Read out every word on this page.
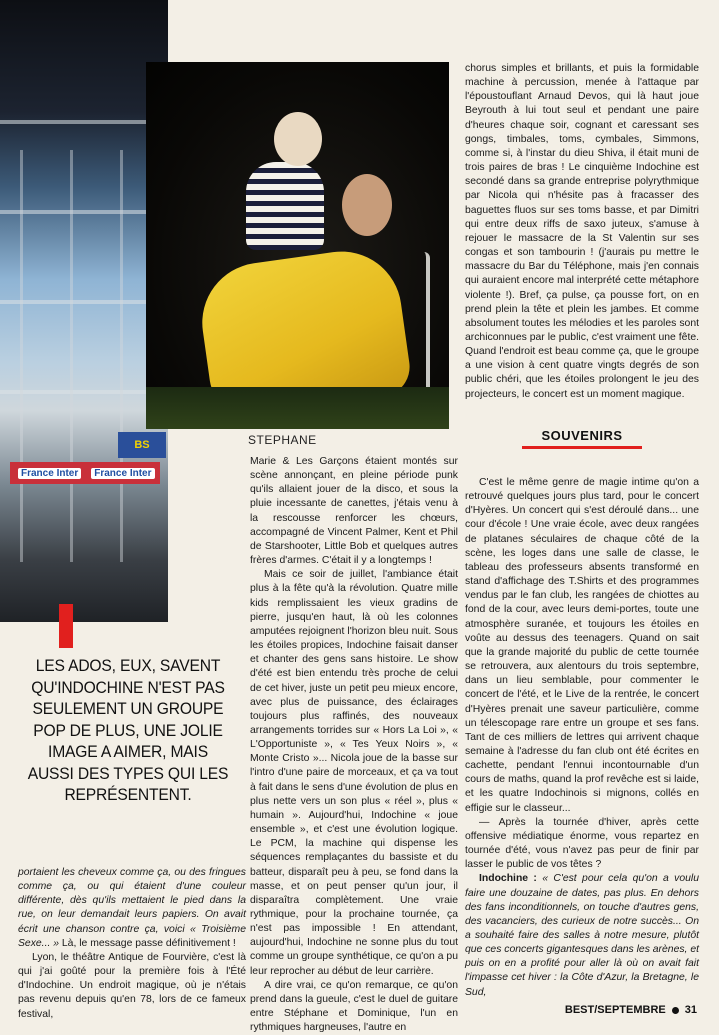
BS
France Inter	France Inter
STEPHANE
LES ADOS, EUX, SAVENT QU'INDOCHINE N'EST PAS SEULEMENT UN GROUPE POP DE PLUS, UNE JOLIE IMAGE A AIMER, MAIS AUSSI DES TYPES QUI LES REPRÉSENTENT.

portaient les cheveux comme ça, ou des fringues comme ça, ou qui étaient d'une couleur différente, dès qu'ils mettaient le pied dans la rue, on leur demandait leurs papiers. On avait écrit une chanson contre ça, voici « Troisième Sexe... » Là, le message passe définitivement !

Lyon, le théâtre Antique de Fourvière, c'est là qui j'ai goûté pour la première fois à l'Été d'Indochine. Un endroit magique, où je n'étais pas revenu depuis qu'en 78, lors de ce fameux festival,

Marie & Les Garçons étaient montés sur scène annonçant, en pleine période punk qu'ils allaient jouer de la disco, et sous la pluie incessante de canettes, j'étais venu à la rescousse renforcer les chœurs, accompagné de Vincent Palmer, Kent et Phil de Starshooter, Little Bob et quelques autres frères d'armes. C'était il y a longtemps !

Mais ce soir de juillet, l'ambiance était plus à la fête qu'à la révolution. Quatre mille kids remplissaient les vieux gradins de pierre, jusqu'en haut, là où les colonnes amputées rejoignent l'horizon bleu nuit. Sous les étoiles propices, Indochine faisait danser et chanter des gens sans histoire. Le show d'été est bien entendu très proche de celui de cet hiver, juste un petit peu mieux encore, avec plus de puissance, des éclairages toujours plus raffinés, des nouveaux arrangements torrides sur « Hors La Loi », « L'Opportuniste », « Tes Yeux Noirs », « Monte Cristo »... Nicola joue de la basse sur l'intro d'une paire de morceaux, et ça va tout à fait dans le sens d'une évolution de plus en plus nette vers un son plus « réel », plus « humain ». Aujourd'hui, Indochine « joue ensemble », et c'est une évolution logique. Le PCM, la machine qui dispense les séquences remplaçantes du bassiste et du batteur, disparaît peu à peu, se fond dans la masse, et on peut penser qu'un jour, il disparaîtra complètement. Une vraie rythmique, pour la prochaine tournée, ça n'est pas impossible ! En attendant, aujourd'hui, Indochine ne sonne plus du tout comme un groupe synthétique, ce qu'on a pu leur reprocher au début de leur carrière.

A dire vrai, ce qu'on remarque, ce qu'on prend dans la gueule, c'est le duel de guitare entre Stéphane et Dominique, l'un en rythmiques hargneuses, l'autre en

chorus simples et brillants, et puis la formidable machine à percussion, menée à l'attaque par l'époustouflant Arnaud Devos, qui là haut joue Beyrouth à lui tout seul et pendant une paire d'heures chaque soir, cognant et caressant ses gongs, timbales, toms, cymbales, Simmons, comme si, à l'instar du dieu Shiva, il était muni de trois paires de bras ! Le cinquième Indochine est secondé dans sa grande entreprise polyrythmique par Nicola qui n'hésite pas à fracasser des baguettes fluos sur ses toms basse, et par Dimitri qui entre deux riffs de saxo juteux, s'amuse à rejouer le massacre de la St Valentin sur ses congas et son tambourin ! (j'aurais pu mettre le massacre du Bar du Téléphone, mais j'en connais qui auraient encore mal interprété cette métaphore violente !). Bref, ça pulse, ça pousse fort, on en prend plein la tête et plein les jambes. Et comme absolument toutes les mélodies et les paroles sont archiconnues par le public, c'est vraiment une fête. Quand l'endroit est beau comme ça, que le groupe a une vision à cent quatre vingts degrés de son public chéri, que les étoiles prolongent le jeu des projecteurs, le concert est un moment magique.

SOUVENIRS

C'est le même genre de magie intime qu'on a retrouvé quelques jours plus tard, pour le concert d'Hyères. Un concert qui s'est déroulé dans... une cour d'école ! Une vraie école, avec deux rangées de platanes séculaires de chaque côté de la scène, les loges dans une salle de classe, le tableau des professeurs absents transformé en stand d'affichage des T.Shirts et des programmes vendus par le fan club, les rangées de chiottes au fond de la cour, avec leurs demi-portes, toute une atmosphère suranée, et toujours les étoiles en voûte au dessus des teenagers. Quand on sait que la grande majorité du public de cette tournée se retrouvera, aux alentours du trois septembre, dans un lieu semblable, pour commenter le concert de l'été, et le Live de la rentrée, le concert d'Hyères prenait une saveur particulière, comme un télescopage rare entre un groupe et ses fans. Tant de ces milliers de lettres qui arrivent chaque semaine à l'adresse du fan club ont été écrites en cachette, pendant l'ennui incontournable d'un cours de maths, quand la prof revêche est si laide, et les quatre Indochinois si mignons, collés en effigie sur le classeur...

— Après la tournée d'hiver, après cette offensive médiatique énorme, vous repartez en tournée d'été, vous n'avez pas peur de finir par lasser le public de vos têtes ?

Indochine : « C'est pour cela qu'on a voulu faire une douzaine de dates, pas plus. En dehors des fans inconditionnels, on touche d'autres gens, des vacanciers, des curieux de notre succès... On a souhaité faire des salles à notre mesure, plutôt que ces concerts gigantesques dans les arènes, et puis on en a profité pour aller là où on avait fait l'impasse cet hiver : la Côte d'Azur, la Bretagne, le Sud,

BEST/SEPTEMBRE 31
